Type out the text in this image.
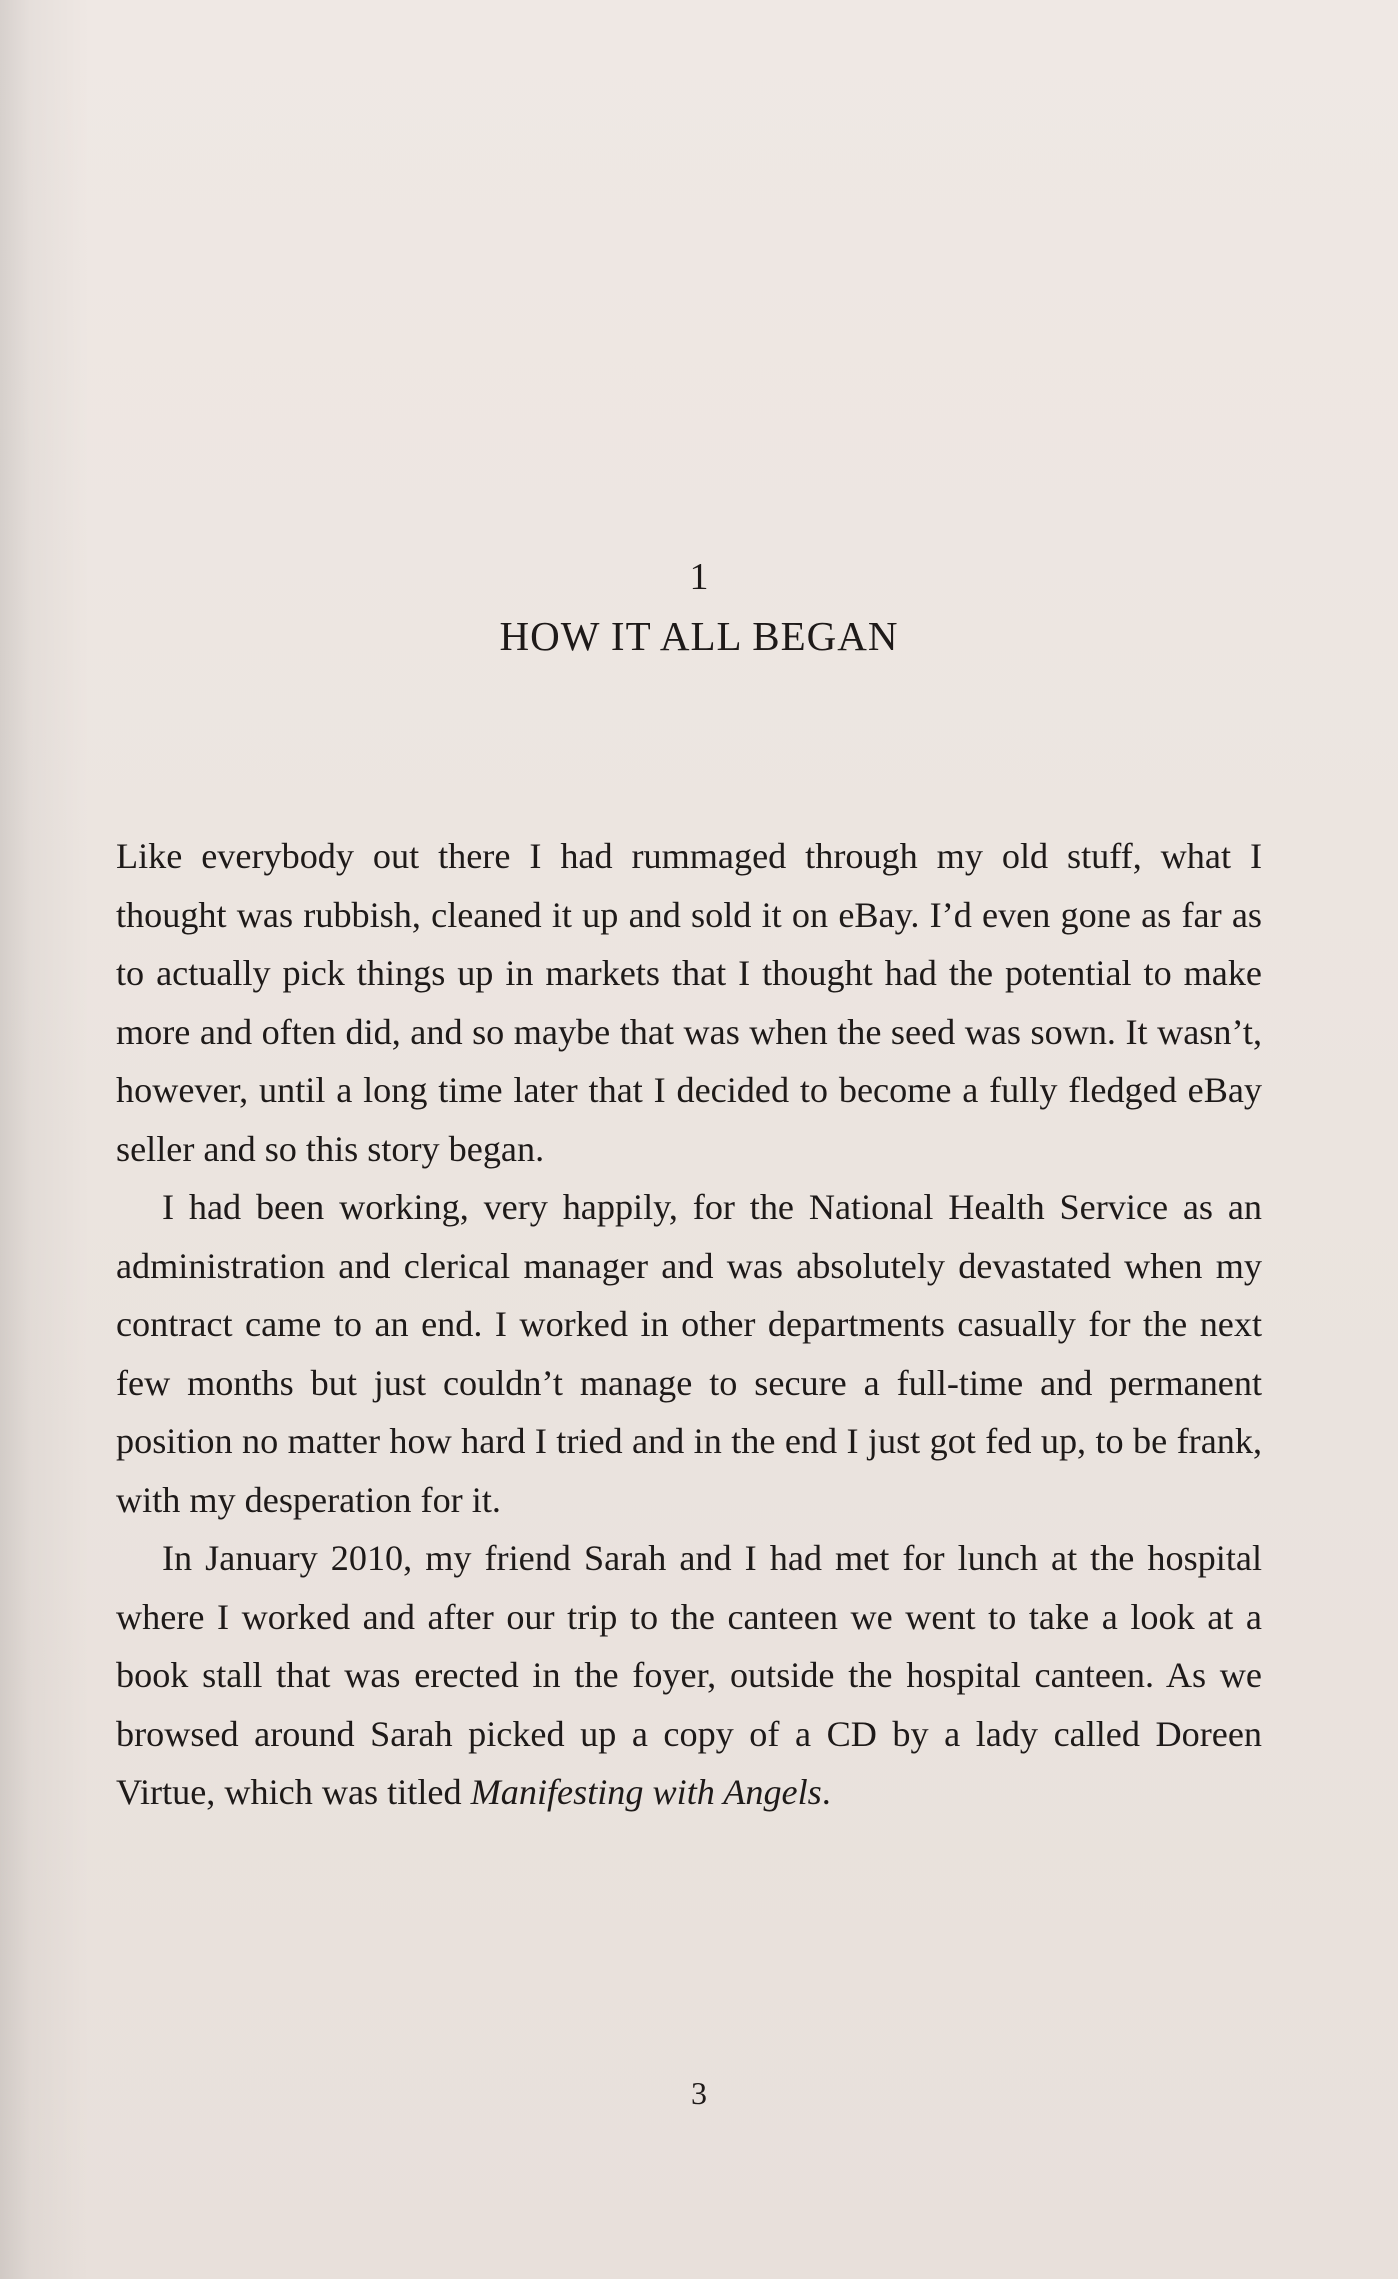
1
HOW IT ALL BEGAN

Like everybody out there I had rummaged through my old stuff, what I thought was rubbish, cleaned it up and sold it on eBay. I’d even gone as far as to actually pick things up in markets that I thought had the potential to make more and often did, and so maybe that was when the seed was sown. It wasn’t, however, until a long time later that I decided to become a fully fledged eBay seller and so this story began.

I had been working, very happily, for the National Health Service as an administration and clerical manager and was absolutely devastated when my contract came to an end. I worked in other departments casually for the next few months but just couldn’t manage to secure a full-time and permanent position no matter how hard I tried and in the end I just got fed up, to be frank, with my desperation for it.

In January 2010, my friend Sarah and I had met for lunch at the hospital where I worked and after our trip to the canteen we went to take a look at a book stall that was erected in the foyer, outside the hospital canteen. As we browsed around Sarah picked up a copy of a CD by a lady called Doreen Virtue, which was titled Manifesting with Angels.

3
